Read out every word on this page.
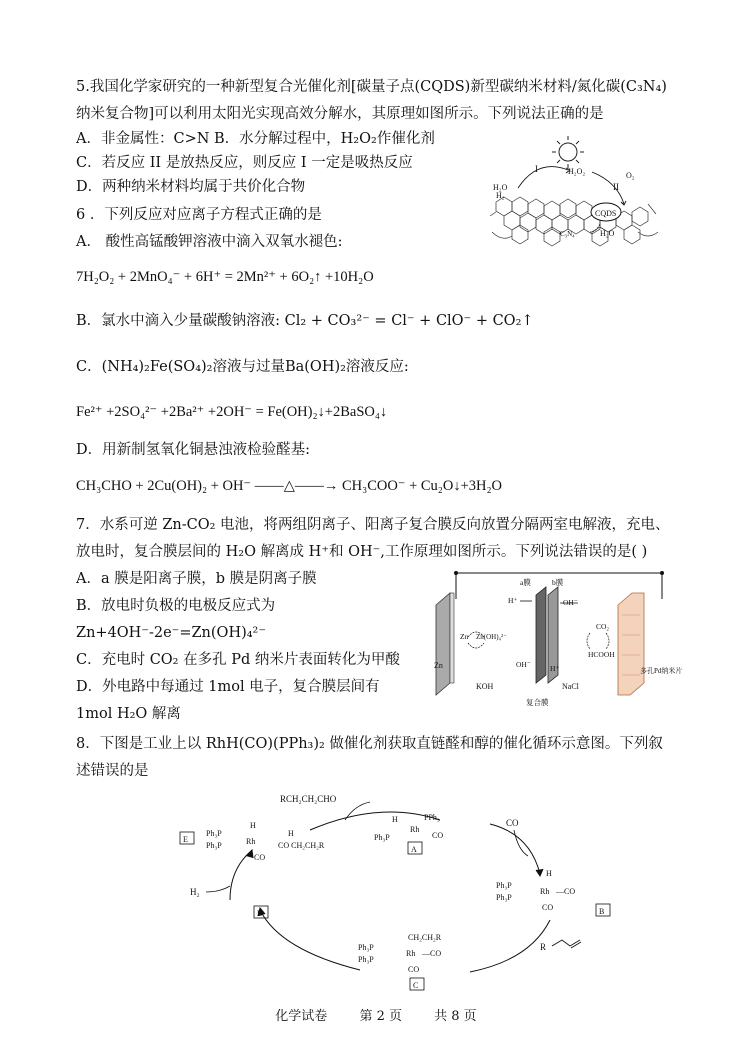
5.我国化学家研究的一种新型复合光催化剂[碳量子点(CQDS)新型碳纳米材料/氮化碳(C₃N₄)
纳米复合物]可以利用太阳光实现高效分解水，其原理如图所示。下列说法正确的是
A．非金属性：C>N B．水分解过程中，H₂O₂作催化剂
C．若反应 II 是放热反应，则反应 I 一定是吸热反应
D．两种纳米材料均属于共价化合物
CQDS
I
II
H₂O
H₂O₂	O₂
H₂
H₂O
C₃N₄
6 ．下列反应对应离子方程式正确的是
A． 酸性高锰酸钾溶液中滴入双氧水褪色:
7H₂O₂ + 2MnO₄⁻ + 6H⁺ = 2Mn²⁺ + 6O₂↑ +10H₂O
B．氯水中滴入少量碳酸钠溶液: Cl₂ + CO₃²⁻ = Cl⁻ + ClO⁻ + CO₂↑
C．(NH₄)₂Fe(SO₄)₂溶液与过量Ba(OH)₂溶液反应:
Fe²⁺ +2SO₄²⁻ +2Ba²⁺ +2OH⁻ = Fe(OH)₂↓+2BaSO₄↓
D．用新制氢氧化铜悬浊液检验醛基:
CH₃CHO + 2Cu(OH)₂ + OH⁻ ——△——→ CH₃COO⁻ + Cu₂O↓+3H₂O
7．水系可逆 Zn-CO₂ 电池，将两组阴离子、阳离子复合膜反向放置分隔两室电解液，充电、
放电时，复合膜层间的 H₂O 解离成 H⁺和 OH⁻,工作原理如图所示。下列说法错误的是( )
A．a 膜是阳离子膜，b 膜是阴离子膜
B．放电时负极的电极反应式为
Zn+4OH⁻-2e⁻=Zn(OH)₄²⁻
C．充电时 CO₂ 在多孔 Pd 纳米片表面转化为甲酸
D．外电路中每通过 1mol 电子，复合膜层间有
1mol H₂O 解离
Zn
a膜	b膜
H⁺	OH⁻
Zn Zn(OH)₄²⁻
OH⁻	H⁺
KOH	NaCl
复合膜
CO₂
HCOOH
多孔Pd纳米片
8．下图是工业上以 RhH(CO)(PPh₃)₂ 做催化剂获取直链醛和醇的催化循环示意图。下列叙
述错误的是
RCH₂CH₂CHO
CO
H₂
R
E
H
H
Ph₃P
Ph₃P	Rh
CO
CO CH₂CH₂R
H	PPh₃
Rh
Ph₃P	CO
A
H
Ph₃P
Ph₃P
Rh —CO
CO	B
CH₂CH₂R
Ph₃P
Ph₃P
Rh —CO
CO
C
D
化学试卷 第 2 页 共 8 页
